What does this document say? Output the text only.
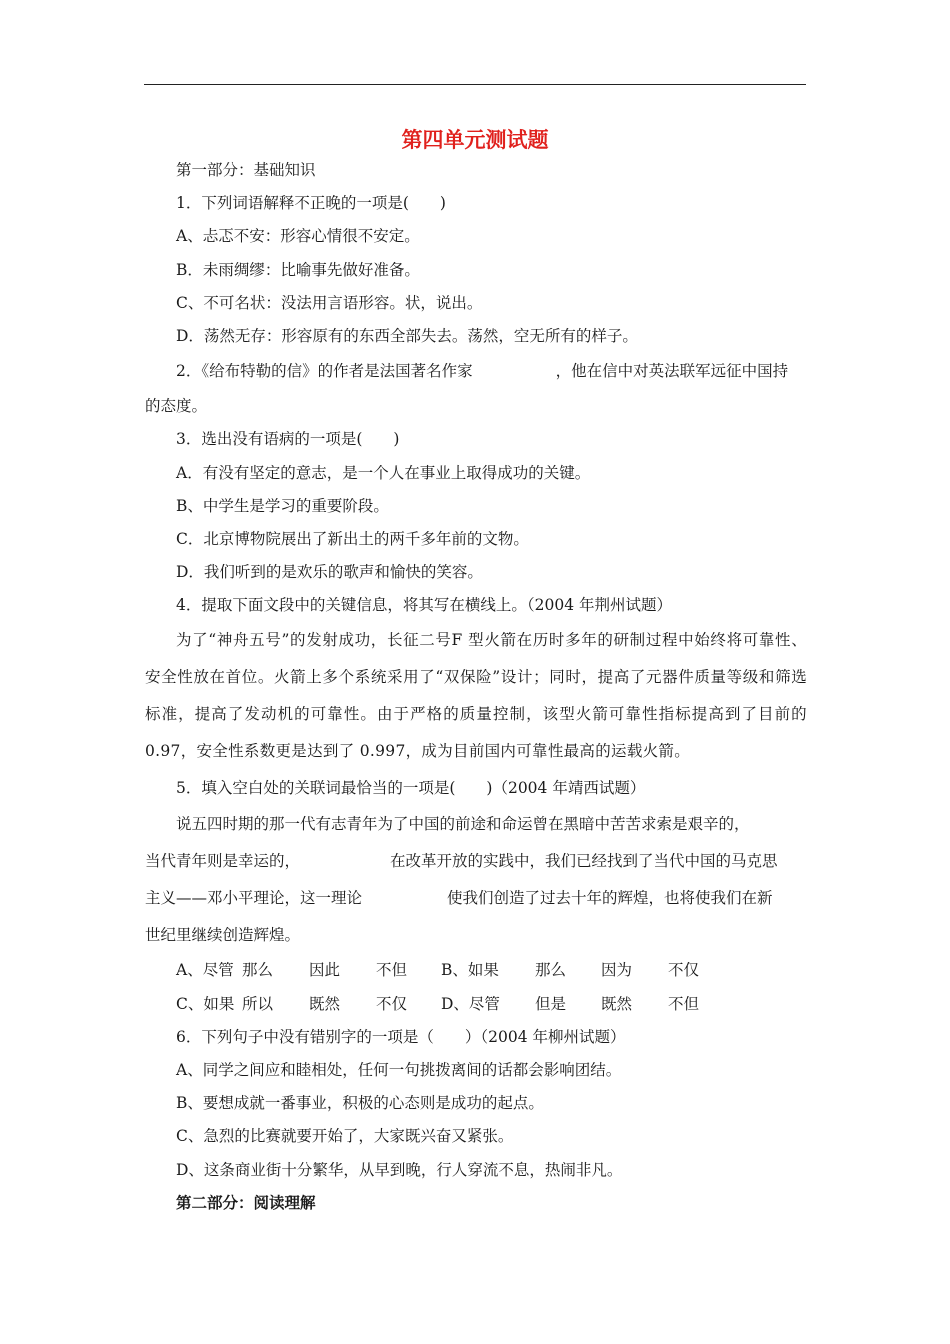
第四单元测试题
第一部分：基础知识
1．下列词语解释不正晚的一项是(　　)
A、忐忑不安：形容心情很不安定。
B．未雨绸缪：比喻事先做好准备。
C、不可名状：没法用言语形容。状，说出。
D．荡然无存：形容原有的东西全部失去。荡然，空无所有的样子。
2．《给布特勒的信》的作者是法国著名作家	，他在信中对英法联军远征中国持
的态度。
3．选出没有语病的一项是(　　)
A．有没有坚定的意志，是一个人在事业上取得成功的关键。
B、中学生是学习的重要阶段。
C．北京博物院展出了新出土的两千多年前的文物。
D．我们听到的是欢乐的歌声和愉快的笑容。
4．提取下面文段中的关键信息，将其写在横线上。（2004 年荆州试题）
为了“神舟五号”的发射成功，长征二号F 型火箭在历时多年的研制过程中始终将可靠性、安全性放在首位。火箭上多个系统采用了“双保险”设计；同时，提高了元器件质量等级和筛选标准，提高了发动机的可靠性。由于严格的质量控制，该型火箭可靠性指标提高到了目前的 0.97，安全性系数更是达到了 0.997，成为目前国内可靠性最高的运载火箭。
5．填入空白处的关联词最恰当的一项是(　　)（2004 年靖西试题）
说五四时期的那一代有志青年为了中国的前途和命运曾在黑暗中苦苦求索是艰辛的，
当代青年则是幸运的，	在改革开放的实践中，我们已经找到了当代中国的马克思
主义——邓小平理论，这一理论	使我们创造了过去十年的辉煌，也将使我们在新
世纪里继续创造辉煌。
A、尽管 那么 因此 不但 B、如果 那么 因为 不仅
C、如果 所以 既然 不仅 D、尽管 但是 既然 不但
6．下列句子中没有错别字的一项是（　　）（2004 年柳州试题）
A、同学之间应和睦相处，任何一句挑拨离间的话都会影响团结。
B、要想成就一番事业，积极的心态则是成功的起点。
C、急烈的比赛就要开始了，大家既兴奋又紧张。
D、这条商业街十分繁华，从早到晚，行人穿流不息，热闹非凡。
第二部分：阅读理解
